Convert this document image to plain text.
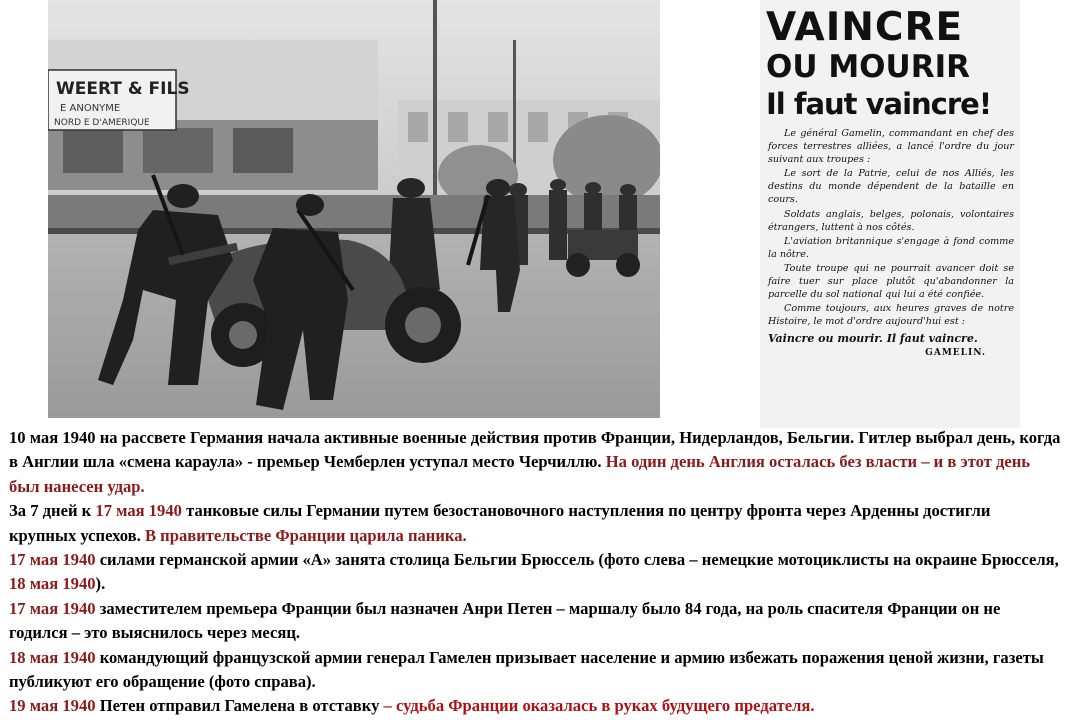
WEERT & FILS
E ANONYME
NORD E D'AMERIQUE
VAINCRE
OU MOURIR
Il faut vaincre!

Le général Gamelin, commandant en chef des forces terrestres alliées, a lancé l'ordre du jour suivant aux troupes :

Le sort de la Patrie, celui de nos Alliés, les destins du monde dépendent de la bataille en cours.

Soldats anglais, belges, polonais, volontaires étrangers, luttent à nos côtés.

L'aviation britannique s'engage à fond comme la nôtre.

Toute troupe qui ne pourrait avancer doit se faire tuer sur place plutôt qu'abandonner la parcelle du sol national qui lui a été confiée.

Comme toujours, aux heures graves de notre Histoire, le mot d'ordre aujourd'hui est :

Vaincre ou mourir. Il faut vaincre.

GAMELIN.

10 мая 1940 на рассвете Германия начала активные военные действия против Франции, Нидерландов, Бельгии. Гитлер выбрал день, когда в Англии шла «смена караула» - премьер Чемберлен уступал место Черчиллю. На один день Англия осталась без власти – и в этот день был нанесен удар.

За 7 дней к 17 мая 1940 танковые силы Германии путем безостановочного наступления по центру фронта через Арденны достигли крупных успехов. В правительстве Франции царила паника.

17 мая 1940 силами германской армии «А» занята столица Бельгии Брюссель (фото слева – немецкие мотоциклисты на окраине Брюсселя, 18 мая 1940).

17 мая 1940 заместителем премьера Франции был назначен Анри Петен – маршалу было 84 года, на роль спасителя Франции он не годился – это выяснилось через месяц.

18 мая 1940 командующий французской армии генерал Гамелен призывает население и армию избежать поражения ценой жизни, газеты публикуют его обращение (фото справа).

19 мая 1940 Петен отправил Гамелена в отставку – судьба Франции оказалась в руках будущего предателя.
